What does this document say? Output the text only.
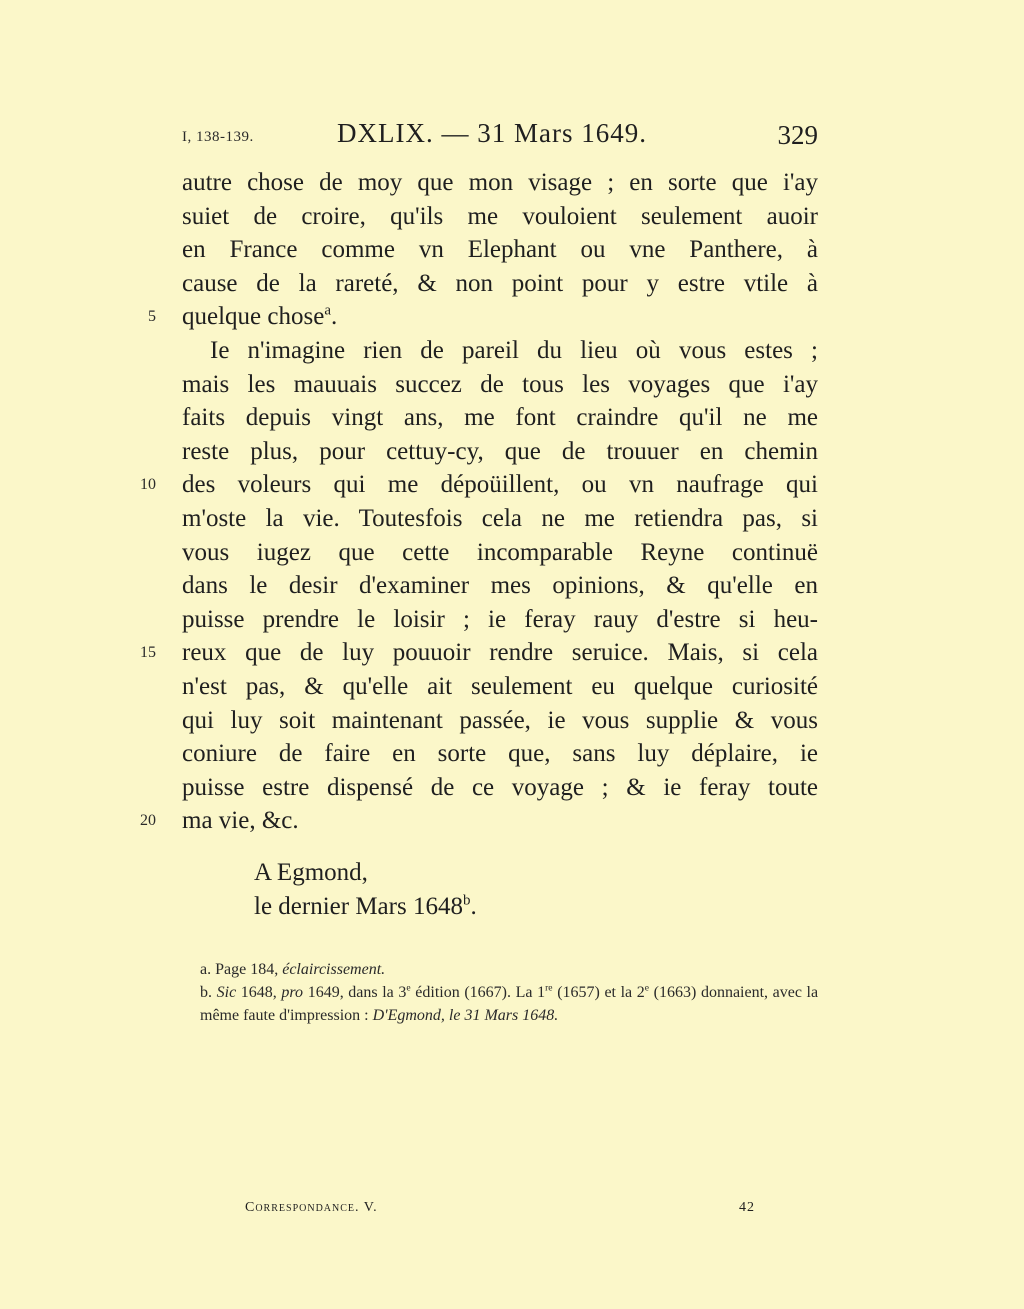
I, 138-139.	DXLIX. — 31 Mars 1649.	329
autre chose de moy que mon visage ; en sorte que i'ay
suiet de croire, qu'ils me vouloient seulement auoir
en France comme vn Elephant ou vne Panthere, à
cause de la rareté, & non point pour y estre vtile à
5 quelque chose$^a$.
Ie n'imagine rien de pareil du lieu où vous estes ;
mais les mauuais succez de tous les voyages que i'ay
faits depuis vingt ans, me font craindre qu'il ne me
reste plus, pour cettuy-cy, que de trouuer en chemin
10 des voleurs qui me dépoüillent, ou vn naufrage qui
m'oste la vie. Toutesfois cela ne me retiendra pas, si
vous iugez que cette incomparable Reyne continuë
dans le desir d'examiner mes opinions, & qu'elle en
puisse prendre le loisir ; ie feray rauy d'estre si heu-
15 reux que de luy pouuoir rendre seruice. Mais, si cela
n'est pas, & qu'elle ait seulement eu quelque curiosité
qui luy soit maintenant passée, ie vous supplie & vous
coniure de faire en sorte que, sans luy déplaire, ie
puisse estre dispensé de ce voyage ; & ie feray toute
20 ma vie, &c.
A Egmond,
le dernier Mars 1648$^b$.
a. Page 184, éclaircissement.
b. Sic 1648, pro 1649, dans la 3e édition (1667). La 1re (1657) et la 2e (1663) donnaient, avec la même faute d'impression : D'Egmond, le 31 Mars 1648.
Correspondance. V.	42
